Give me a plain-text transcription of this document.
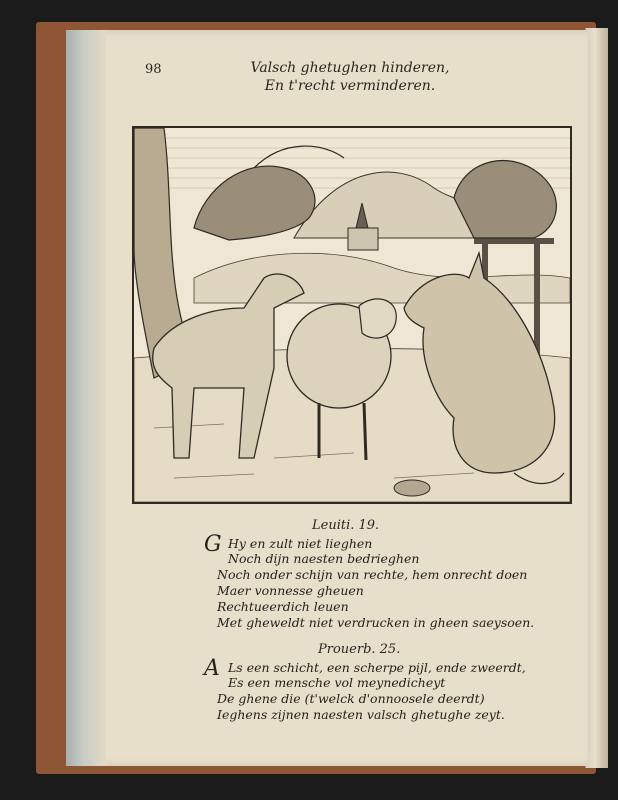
98	Valsch ghetughen hinderen,
En t'recht verminderen.
Leuiti. 19.
G Hy en zult niet lieghen
Noch dijn naesten bedrieghen
Noch onder schijn van rechte, hem onrecht doen
Maer vonnesse gheuen
Rechtueerdich leuen
Met gheweldt niet verdrucken in gheen saeysoen.
Prouerb. 25.
A Ls een schicht, een scherpe pijl, ende zweerdt,
Es een mensche vol meynedicheyt
De ghene die (t'welck d'onnoosele deerdt)
Ieghens zijnen naesten valsch ghetughe zeyt.
